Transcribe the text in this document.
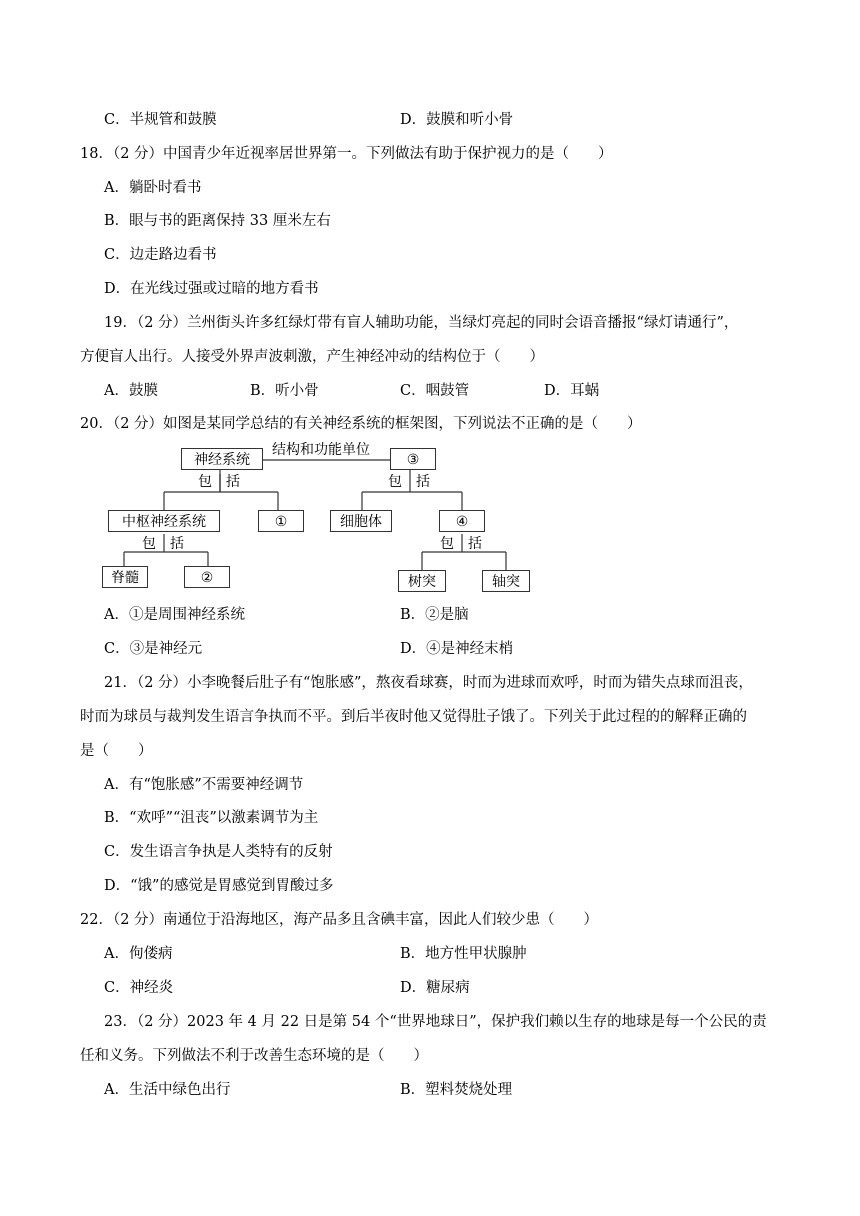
C．半规管和鼓膜	D．鼓膜和听小骨
18．（2 分）中国青少年近视率居世界第一。下列做法有助于保护视力的是（　　）
A．躺卧时看书
B．眼与书的距离保持 33 厘米左右
C．边走路边看书
D．在光线过强或过暗的地方看书
19．（2 分）兰州街头许多红绿灯带有盲人辅助功能，当绿灯亮起的同时会语音播报“绿灯请通行”，
方便盲人出行。人接受外界声波刺激，产生神经冲动的结构位于（　　）
A．鼓膜	B．听小骨	C．咽鼓管	D．耳蜗
20．（2 分）如图是某同学总结的有关神经系统的框架图，下列说法不正确的是（　　）
神经系统
结构和功能单位
③
包 括	包 括
中枢神经系统	①	细胞体	④
包 括	包 括
脊髓	②	树突	轴突
A．①是周围神经系统	B．②是脑
C．③是神经元	D．④是神经末梢
21．（2 分）小李晚餐后肚子有“饱胀感”，熬夜看球赛，时而为进球而欢呼，时而为错失点球而沮丧，
时而为球员与裁判发生语言争执而不平。到后半夜时他又觉得肚子饿了。下列关于此过程的的解释正确的
是（　　）
A．有“饱胀感”不需要神经调节
B．“欢呼”“沮丧”以激素调节为主
C．发生语言争执是人类特有的反射
D．“饿”的感觉是胃感觉到胃酸过多
22．（2 分）南通位于沿海地区，海产品多且含碘丰富，因此人们较少患（　　）
A．佝偻病	B．地方性甲状腺肿
C．神经炎	D．糖尿病
23．（2 分）2023 年 4 月 22 日是第 54 个“世界地球日”，保护我们赖以生存的地球是每一个公民的责
任和义务。下列做法不利于改善生态环境的是（　　）
A．生活中绿色出行	B．塑料焚烧处理
